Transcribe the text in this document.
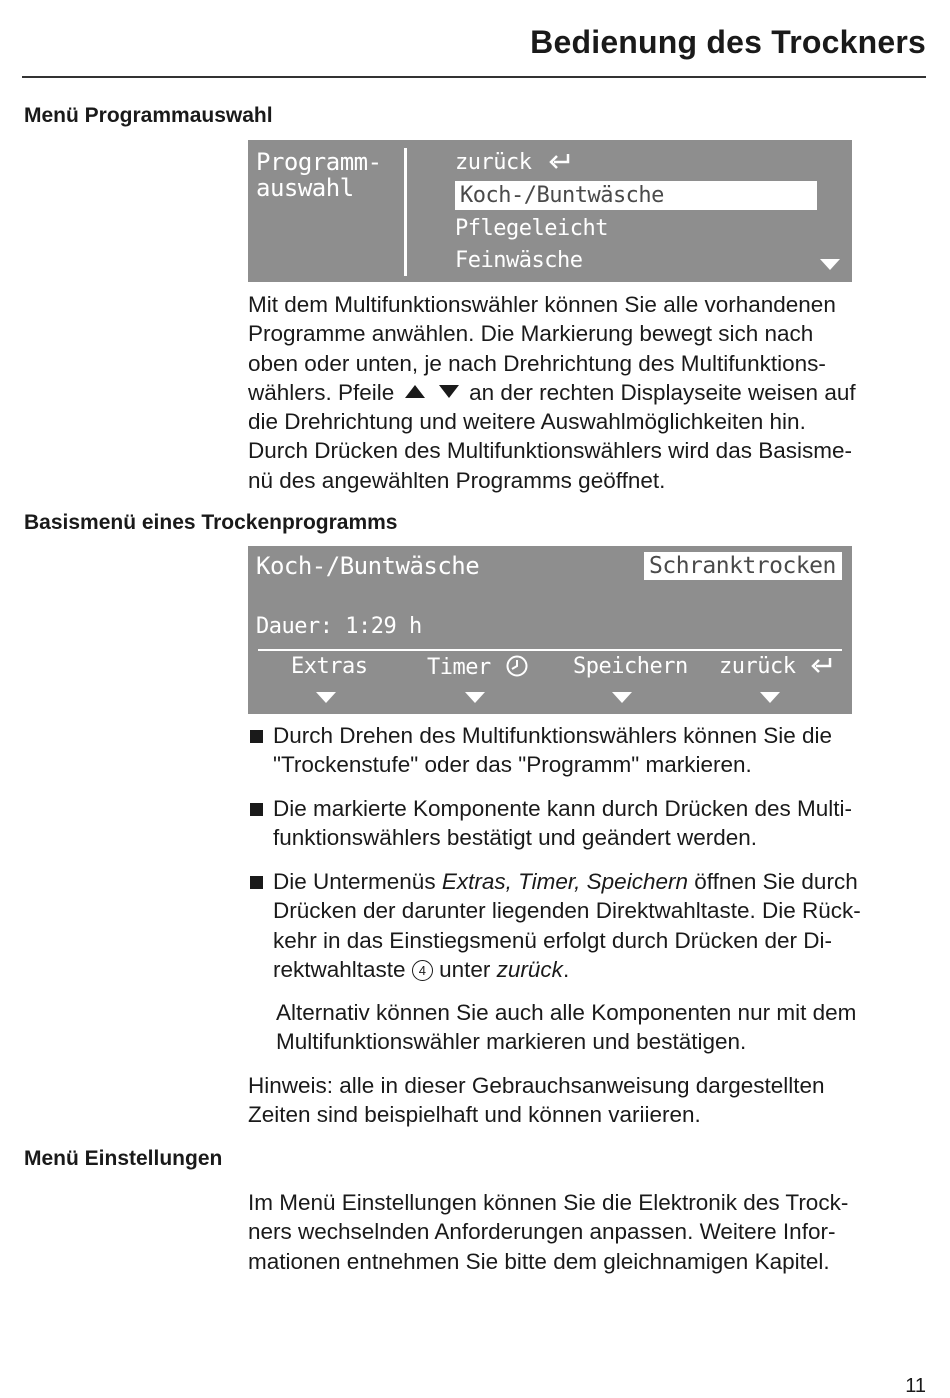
Bedienung des Trockners
Menü Programmauswahl
Programm-
auswahl
zurück
Koch-/Buntwäsche
Pflegeleicht
Feinwäsche
Mit dem Multifunktionswähler können Sie alle vorhandenen
Programme anwählen. Die Markierung bewegt sich nach
oben oder unten, je nach Drehrichtung des Multifunktions-
wählers. Pfeile	an der rechten Displayseite weisen auf
die Drehrichtung und weitere Auswahlmöglichkeiten hin.
Durch Drücken des Multifunktionswählers wird das Basisme-
nü des angewählten Programms geöffnet.
Basismenü eines Trockenprogramms
Koch-/Buntwäsche	Schranktrocken
Dauer: 1:29 h
Extras	Timer	Speichern zurück
Durch Drehen des Multifunktionswählers können Sie die
"Trockenstufe" oder das "Programm" markieren.
Die markierte Komponente kann durch Drücken des Multi-
funktionswählers bestätigt und geändert werden.
Die Untermenüs Extras, Timer, Speichern öffnen Sie durch
Drücken der darunter liegenden Direktwahltaste. Die Rück-
kehr in das Einstiegsmenü erfolgt durch Drücken der Di-
rektwahltaste 4 unter zurück.
Alternativ können Sie auch alle Komponenten nur mit dem
Multifunktionswähler markieren und bestätigen.
Hinweis: alle in dieser Gebrauchsanweisung dargestellten
Zeiten sind beispielhaft und können variieren.
Menü Einstellungen
Im Menü Einstellungen können Sie die Elektronik des Trock-
ners wechselnden Anforderungen anpassen. Weitere Infor-
mationen entnehmen Sie bitte dem gleichnamigen Kapitel.
11
